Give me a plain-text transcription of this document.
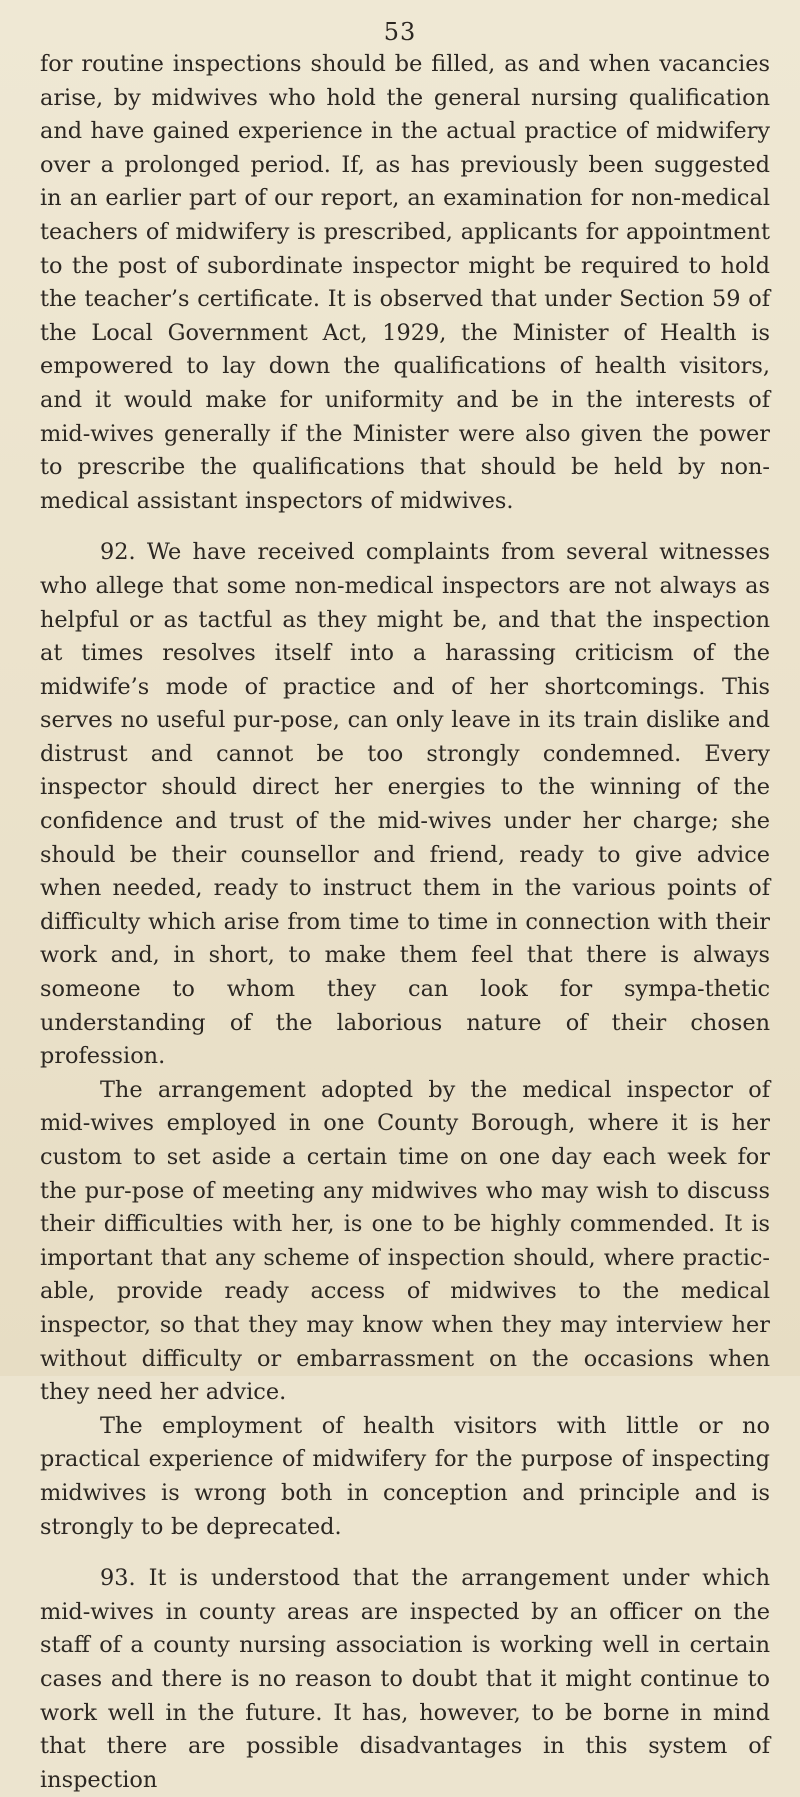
53

for routine inspections should be filled, as and when vacancies arise, by midwives who hold the general nursing qualification and have gained experience in the actual practice of midwifery over a prolonged period. If, as has previously been suggested in an earlier part of our report, an examination for non-medical teachers of midwifery is prescribed, applicants for appointment to the post of subordinate inspector might be required to hold the teacher’s certificate. It is observed that under Section 59 of the Local Government Act, 1929, the Minister of Health is empowered to lay down the qualifications of health visitors, and it would make for uniformity and be in the interests of mid-wives generally if the Minister were also given the power to prescribe the qualifications that should be held by non-medical assistant inspectors of midwives.

92. We have received complaints from several witnesses who allege that some non-medical inspectors are not always as helpful or as tactful as they might be, and that the inspection at times resolves itself into a harassing criticism of the midwife’s mode of practice and of her shortcomings. This serves no useful pur-pose, can only leave in its train dislike and distrust and cannot be too strongly condemned. Every inspector should direct her energies to the winning of the confidence and trust of the mid-wives under her charge; she should be their counsellor and friend, ready to give advice when needed, ready to instruct them in the various points of difficulty which arise from time to time in connection with their work and, in short, to make them feel that there is always someone to whom they can look for sympa-thetic understanding of the laborious nature of their chosen profession.

The arrangement adopted by the medical inspector of mid-wives employed in one County Borough, where it is her custom to set aside a certain time on one day each week for the pur-pose of meeting any midwives who may wish to discuss their difficulties with her, is one to be highly commended. It is important that any scheme of inspection should, where practic-able, provide ready access of midwives to the medical inspector, so that they may know when they may interview her without difficulty or embarrassment on the occasions when they need her advice.

The employment of health visitors with little or no practical experience of midwifery for the purpose of inspecting midwives is wrong both in conception and principle and is strongly to be deprecated.

93. It is understood that the arrangement under which mid-wives in county areas are inspected by an officer on the staff of a county nursing association is working well in certain cases and there is no reason to doubt that it might continue to work well in the future. It has, however, to be borne in mind that there are possible disadvantages in this system of inspection
